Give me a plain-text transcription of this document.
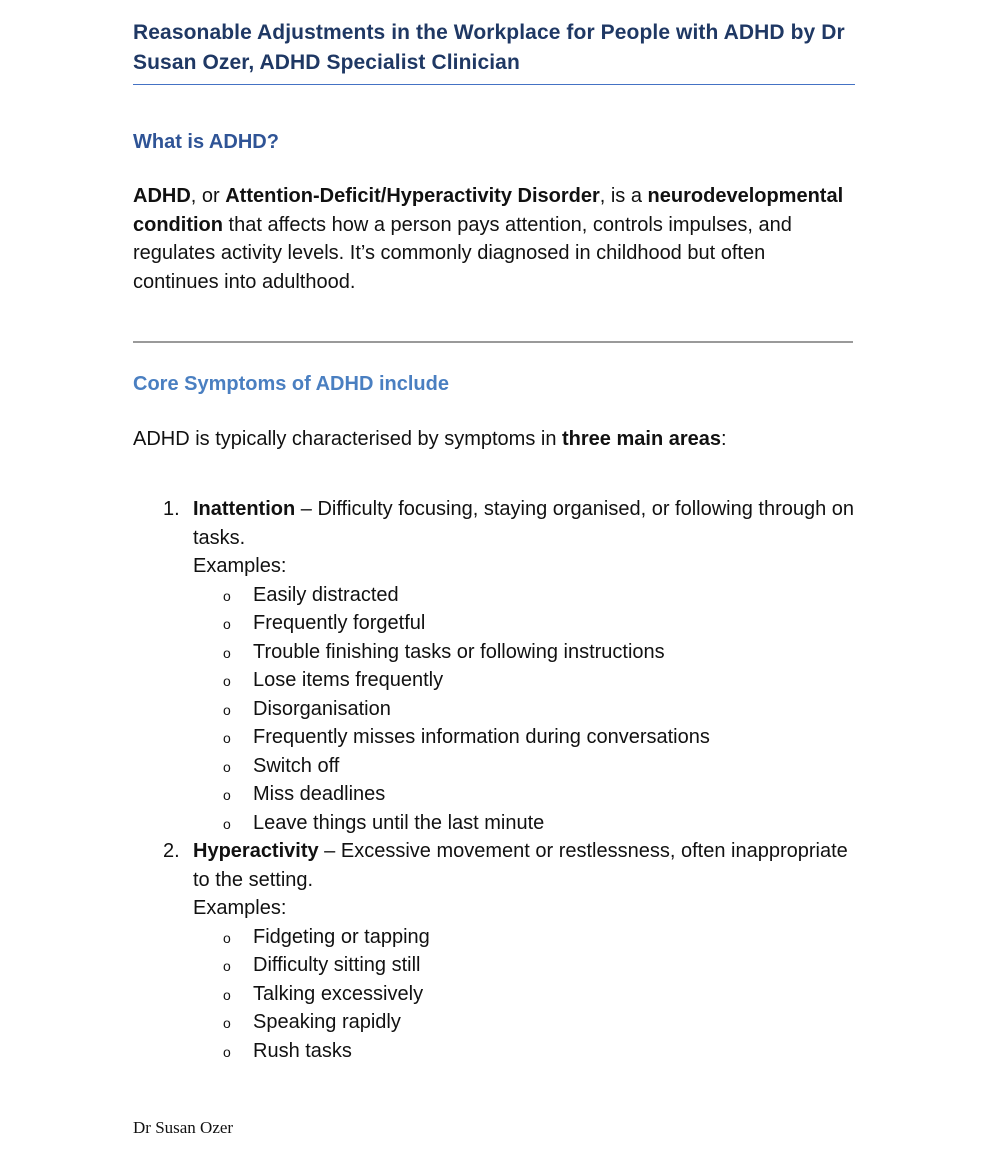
Reasonable Adjustments in the Workplace for People with ADHD by Dr Susan Ozer, ADHD Specialist Clinician
What is ADHD?

ADHD, or Attention-Deficit/Hyperactivity Disorder, is a neurodevelopmental condition that affects how a person pays attention, controls impulses, and regulates activity levels. It’s commonly diagnosed in childhood but often continues into adulthood.

Core Symptoms of ADHD include

ADHD is typically characterised by symptoms in three main areas:

1. Inattention – Difficulty focusing, staying organised, or following through on tasks.
Examples:
o Easily distracted
o Frequently forgetful
o Trouble finishing tasks or following instructions
o Lose items frequently
o Disorganisation
o Frequently misses information during conversations
o Switch off
o Miss deadlines
o Leave things until the last minute
2. Hyperactivity – Excessive movement or restlessness, often inappropriate to the setting.
Examples:
o Fidgeting or tapping
o Difficulty sitting still
o Talking excessively
o Speaking rapidly
o Rush tasks
Dr Susan Ozer
